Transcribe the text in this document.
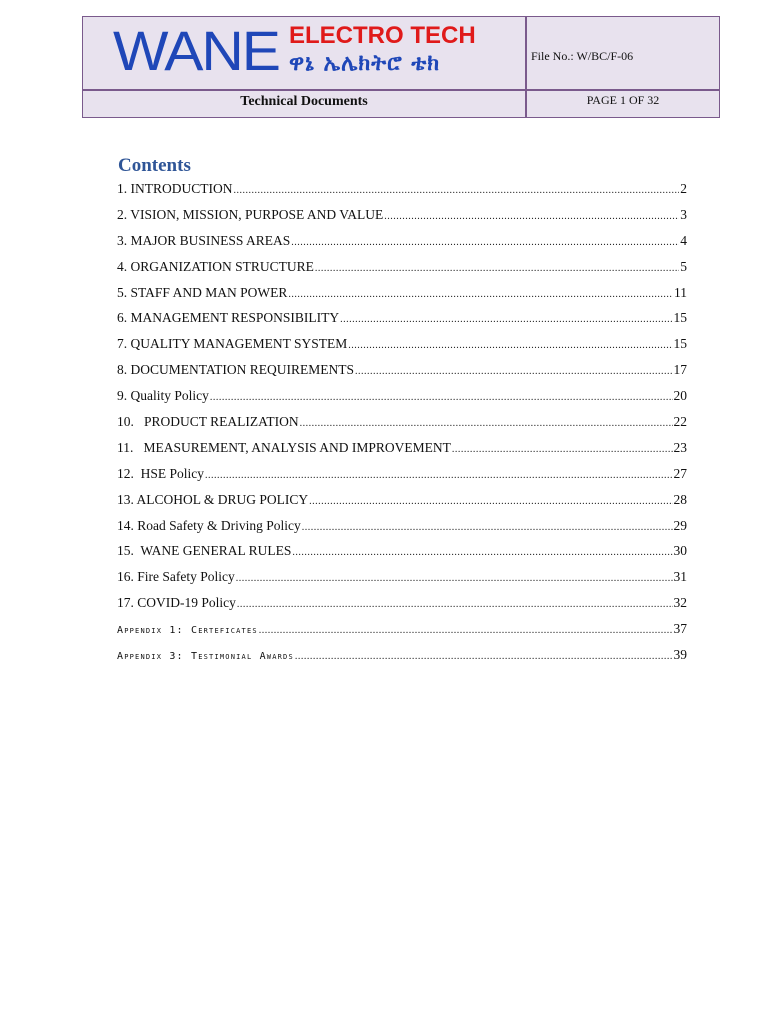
WANE ELECTRO TECH
ዋኔ ኤሌክትሮ ቴክ	File No.: W/BC/F-06
Technical Documents	PAGE 1 OF 32
Contents
1. INTRODUCTION .....	2
2. VISION, MISSION, PURPOSE AND VALUE .....	3
3. MAJOR BUSINESS AREAS .....	4
4. ORGANIZATION STRUCTURE .....	5
5. STAFF AND MAN POWER .....	11
6. MANAGEMENT RESPONSIBILITY .....	15
7. QUALITY MANAGEMENT SYSTEM .....	15
8. DOCUMENTATION REQUIREMENTS .....	17
9. Quality Policy .....	20
10.   PRODUCT REALIZATION .....	22
11.   MEASUREMENT, ANALYSIS AND IMPROVEMENT .....	23
12.  HSE Policy .....	27
13. ALCOHOL & DRUG POLICY .....	28
14. Road Safety & Driving Policy .....	29
15.  WANE GENERAL RULES .....	30
16. Fire Safety Policy .....	31
17. COVID-19 Policy .....	32
Appendix 1: Certeficates .....	37
Appendix 3: Testimonial Awards .....	39
